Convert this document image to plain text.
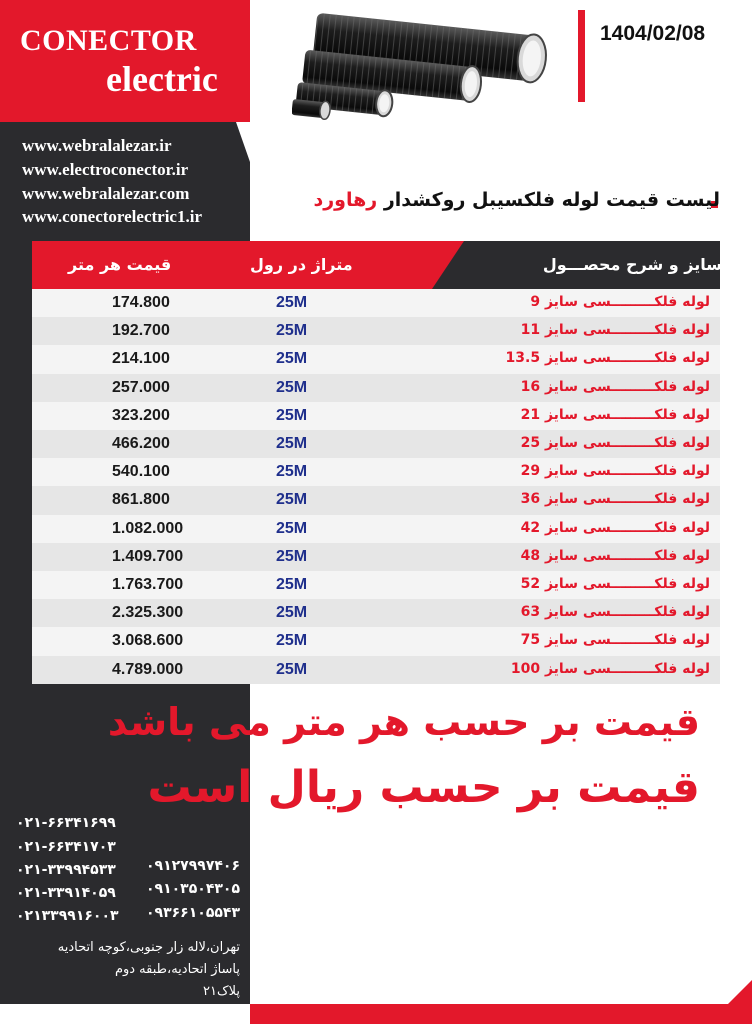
CONECTOR
electric
www.webralalezar.ir
www.electroconector.ir
www.webralalezar.com
www.conectorelectric1.ir
1404/02/08
لیست قیمت لوله فلکسیبل روکشدار رهاورد
سایز و شرح محصـــول
متراژ در رول
قیمت هر متر
174.800	25M	لوله فلکـــــــــسی سایز 9
192.700	25M	لوله فلکـــــــــسی سایز 11
214.100	25M	لوله فلکـــــــــسی سایز 13.5
257.000	25M	لوله فلکـــــــــسی سایز 16
323.200	25M	لوله فلکـــــــــسی سایز 21
466.200	25M	لوله فلکـــــــــسی سایز 25
540.100	25M	لوله فلکـــــــــسی سایز 29
861.800	25M	لوله فلکـــــــــسی سایز 36
1.082.000	25M	لوله فلکـــــــــسی سایز 42
1.409.700	25M	لوله فلکـــــــــسی سایز 48
1.763.700	25M	لوله فلکـــــــــسی سایز 52
2.325.300	25M	لوله فلکـــــــــسی سایز 63
3.068.600	25M	لوله فلکـــــــــسی سایز 75
4.789.000	25M	لوله فلکـــــــــسی سایز 100
قیمت بر حسب هر متر می باشد
قیمت بر حسب ریال است
۰۲۱-۶۶۳۴۱۶۹۹
۰۲۱-۶۶۳۴۱۷۰۳
۰۲۱-۳۳۹۹۴۵۳۳
۰۲۱-۳۳۹۱۴۰۵۹
۰۲۱۳۳۹۹۱۶۰۰۳
۰۹۱۲۷۹۹۷۴۰۶
۰۹۱۰۳۵۰۴۳۰۵
۰۹۳۶۶۱۰۵۵۴۳
تهران،لاله زار جنوبی،کوچه اتحادیه
پاساژ اتحادیه،طبقه دوم
پلاک۲۱
